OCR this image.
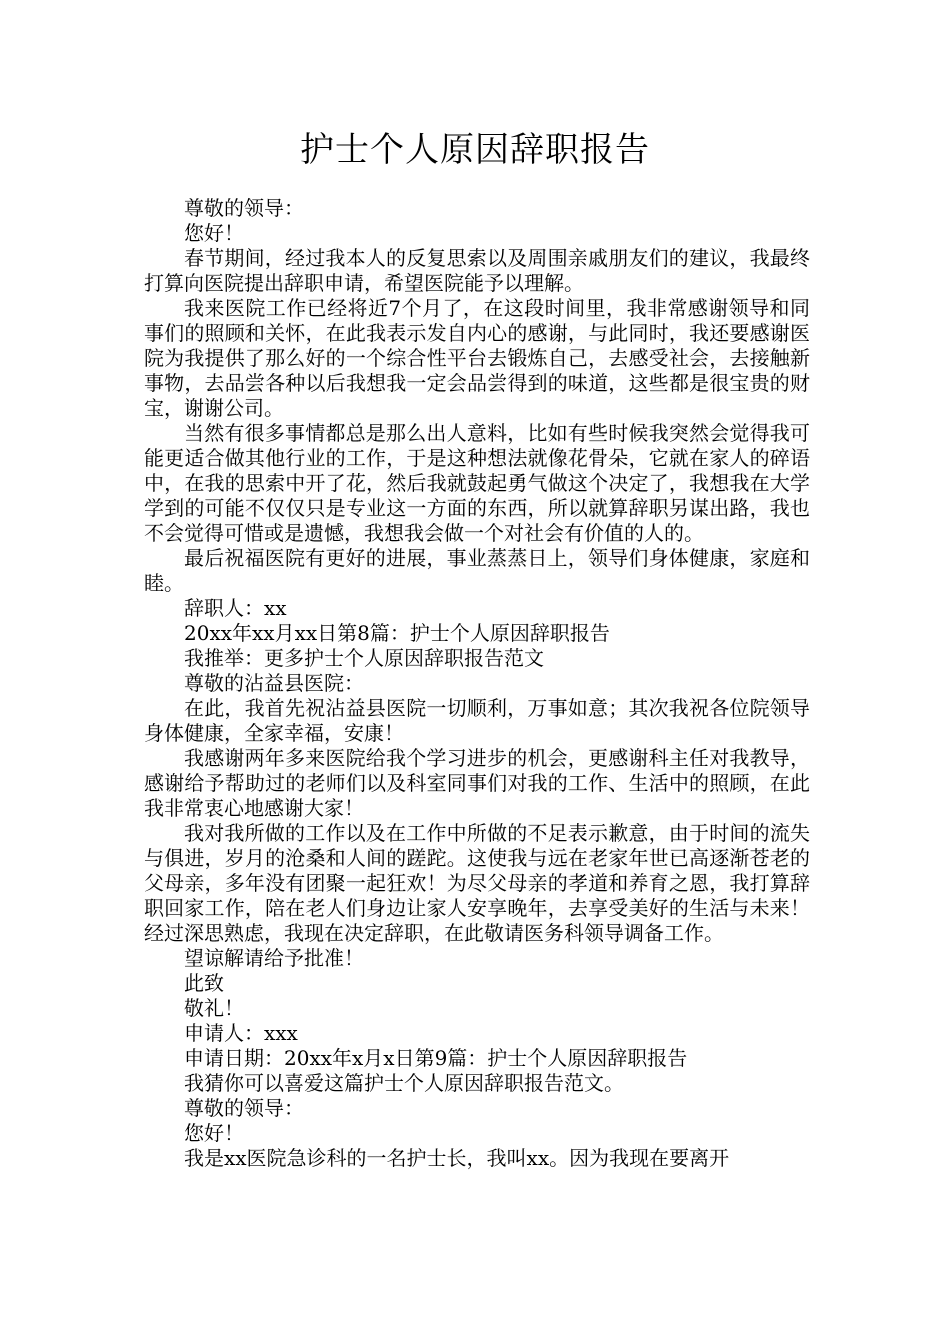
护士个人原因辞职报告

尊敬的领导：

您好！

春节期间，经过我本人的反复思索以及周围亲戚朋友们的建议，我最终打算向医院提出辞职申请，希望医院能予以理解。

我来医院工作已经将近7个月了，在这段时间里，我非常感谢领导和同事们的照顾和关怀，在此我表示发自内心的感谢，与此同时，我还要感谢医院为我提供了那么好的一个综合性平台去锻炼自己，去感受社会，去接触新事物，去品尝各种以后我想我一定会品尝得到的味道，这些都是很宝贵的财宝，谢谢公司。

当然有很多事情都总是那么出人意料，比如有些时候我突然会觉得我可能更适合做其他行业的工作，于是这种想法就像花骨朵，它就在家人的碎语中，在我的思索中开了花，然后我就鼓起勇气做这个决定了，我想我在大学学到的可能不仅仅只是专业这一方面的东西，所以就算辞职另谋出路，我也不会觉得可惜或是遗憾，我想我会做一个对社会有价值的人的。

最后祝福医院有更好的进展，事业蒸蒸日上，领导们身体健康，家庭和睦。

辞职人：xx

20xx年xx月xx日第8篇：护士个人原因辞职报告

我推举：更多护士个人原因辞职报告范文

尊敬的沾益县医院：

在此，我首先祝沾益县医院一切顺利，万事如意；其次我祝各位院领导身体健康，全家幸福，安康！

我感谢两年多来医院给我个学习进步的机会，更感谢科主任对我教导，感谢给予帮助过的老师们以及科室同事们对我的工作、生活中的照顾，在此我非常衷心地感谢大家！

我对我所做的工作以及在工作中所做的不足表示歉意，由于时间的流失与俱进，岁月的沧桑和人间的蹉跎。这使我与远在老家年世已高逐渐苍老的父母亲，多年没有团聚一起狂欢！为尽父母亲的孝道和养育之恩，我打算辞职回家工作，陪在老人们身边让家人安享晚年，去享受美好的生活与未来！经过深思熟虑，我现在决定辞职，在此敬请医务科领导调备工作。

望谅解请给予批准！

此致

敬礼！

申请人：xxx

申请日期：20xx年x月x日第9篇：护士个人原因辞职报告

我猜你可以喜爱这篇护士个人原因辞职报告范文。

尊敬的领导：

您好！

我是xx医院急诊科的一名护士长，我叫xx。因为我现在要离开
